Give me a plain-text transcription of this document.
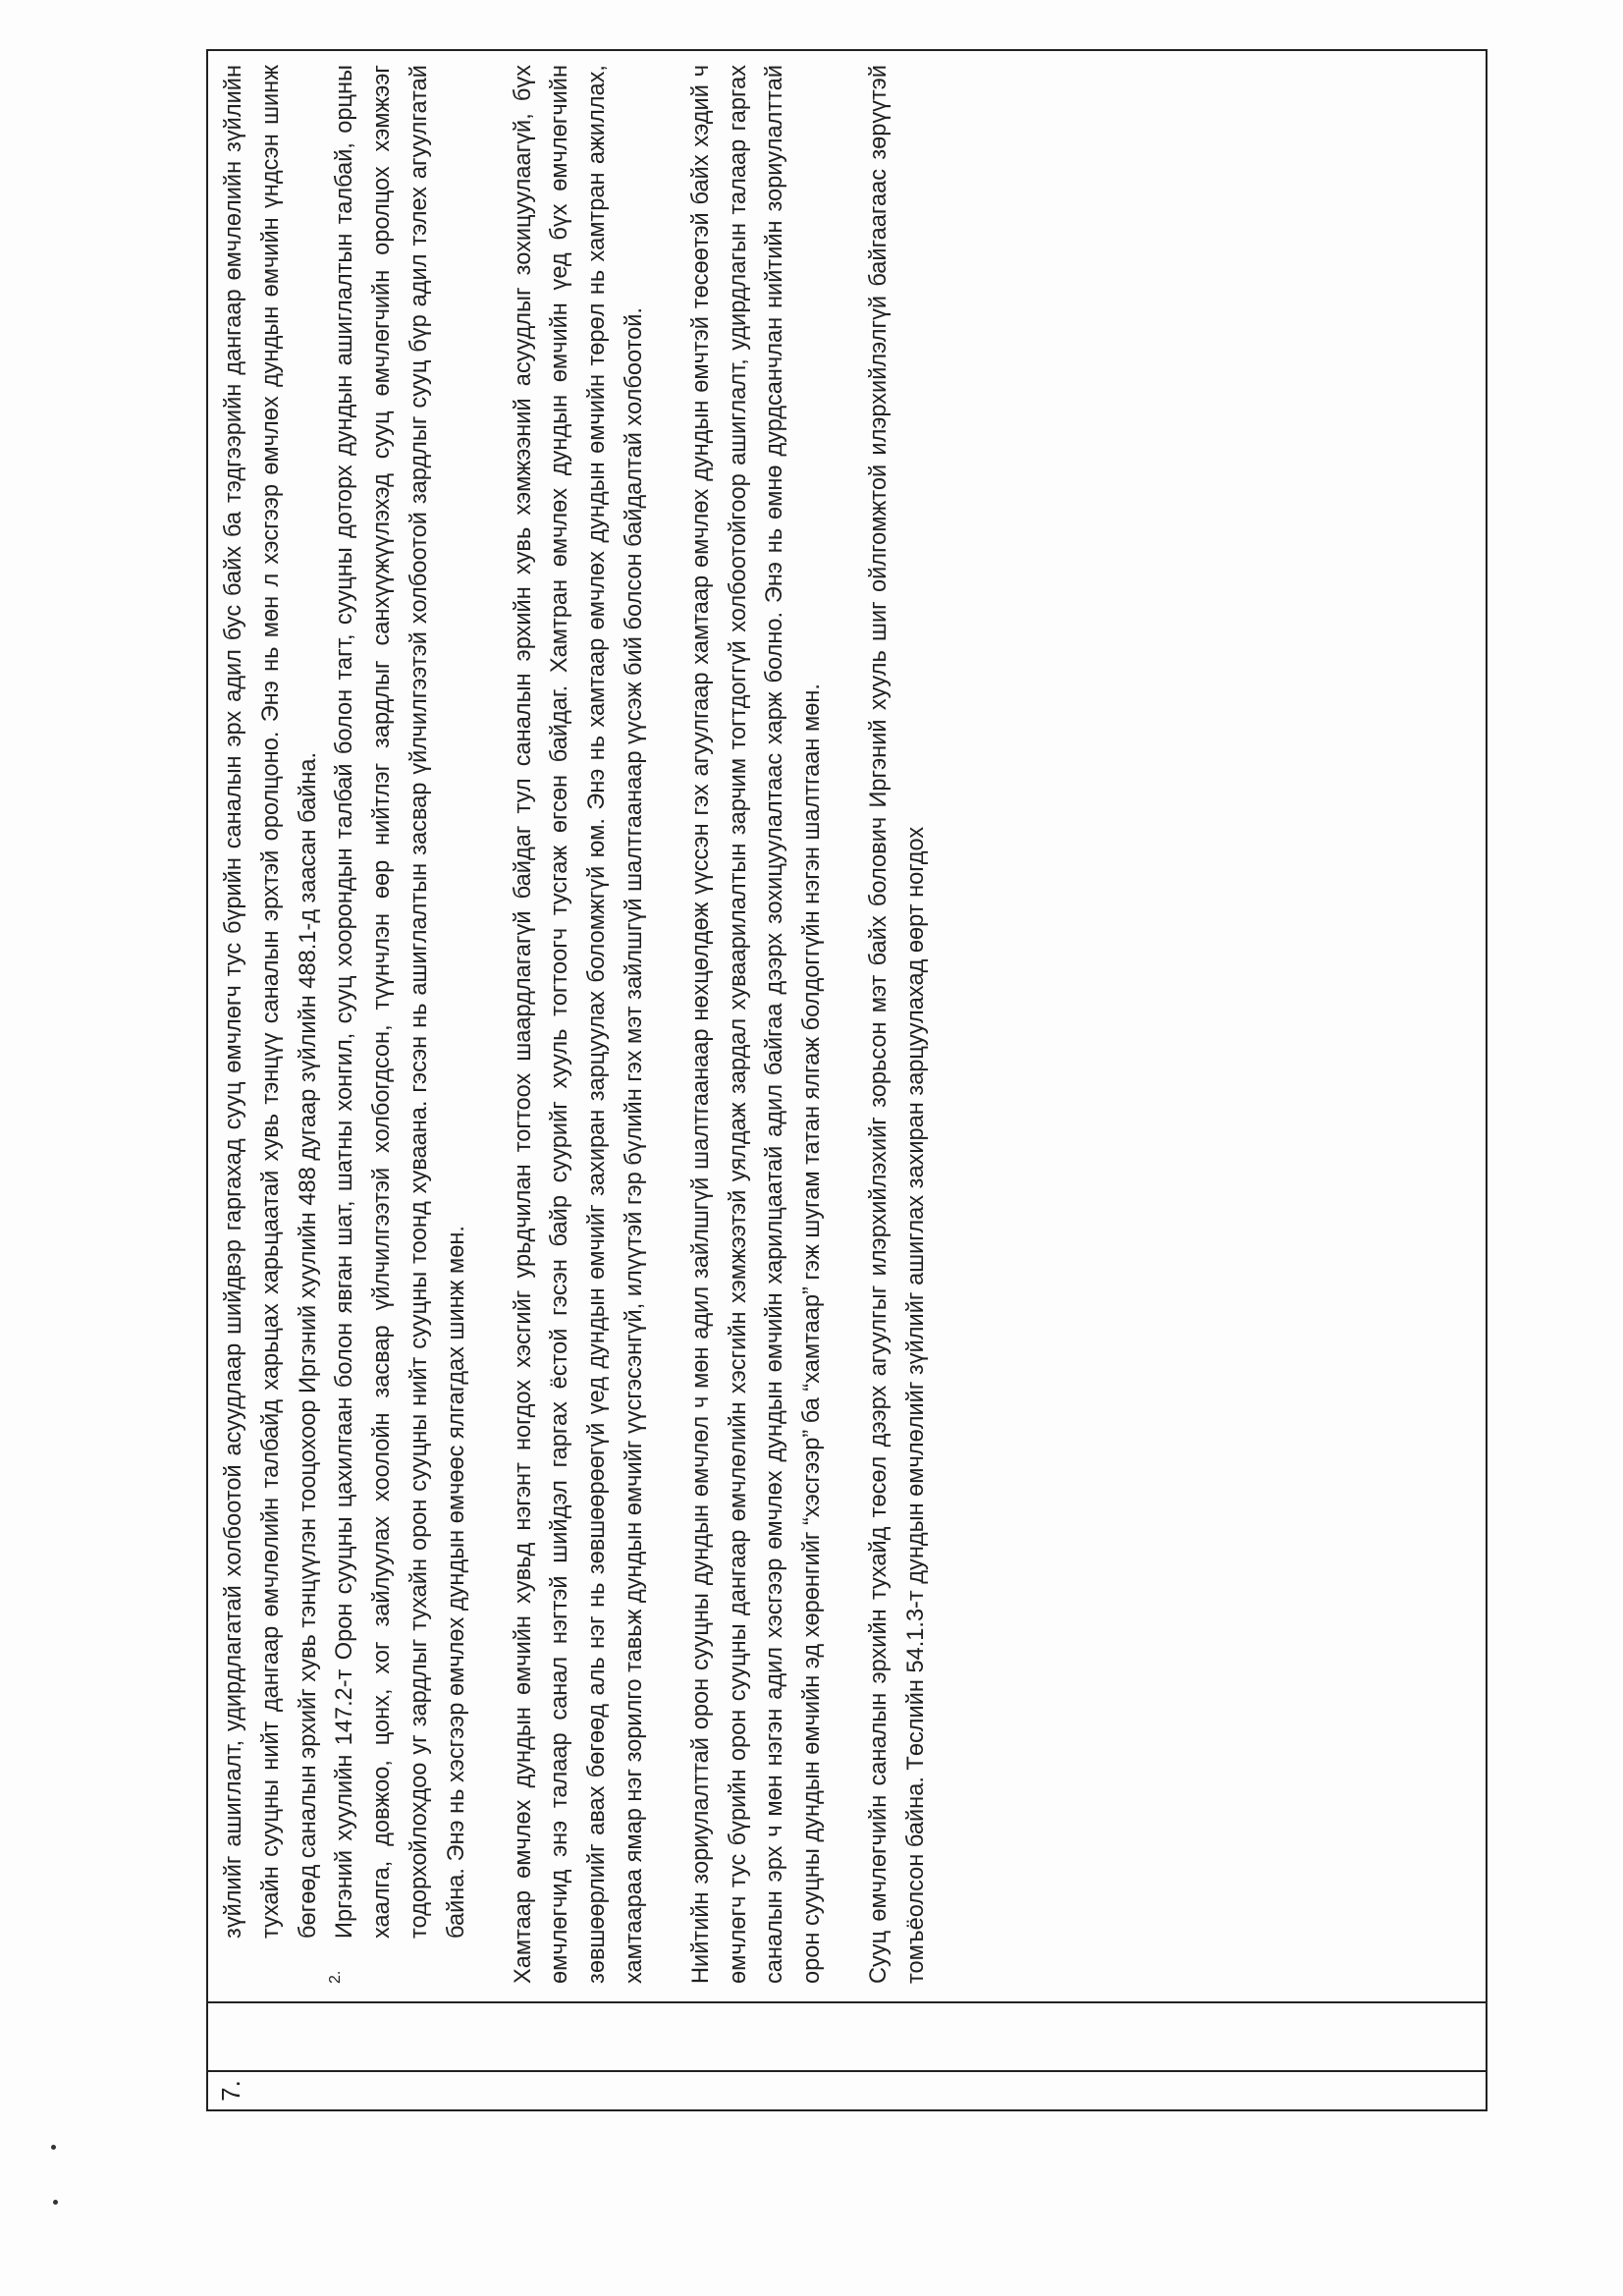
7.		

зүйлийг ашиглалт, удирдлагатай холбоотой асуудлаар шийдвэр гаргахад сууц өмчлөгч тус бүрийн саналын эрх адил бус байх ба тэдгээрийн дангаар өмчлөлийн зүйлийн тухайн сууцны нийт дангаар өмчлөлийн талбайд харьцах харьцаатай хувь тэнцүү саналын эрхтэй оролцоно. Энэ нь мөн л хэсгээр өмчлөх дундын өмчийн үндсэн шинж бөгөөд саналын эрхийг хувь тэнцүүлэн тооцохоор Иргэний хуулийн 488 дугаар зүйлийн 488.1-д заасан байна.

2.

Иргэний хуулийн 147.2-т Орон сууцны цахилгаан болон явган шат, шатны хонгил, сууц хоорондын талбай болон тагт, сууцны доторх дундын ашиглалтын талбай, орцны хаалга, довжоо, цонх, хог зайлуулах хоолойн засвар үйлчилгээтэй холбогдсон, түүнчлэн өөр нийтлэг зардлыг санхүүжүүлэхэд сууц өмчлөгчийн оролцох хэмжээг тодорхойлохдоо уг зардлыг тухайн орон сууцны нийт сууцны тоонд хуваана. гэсэн нь ашиглалтын засвар үйлчилгээтэй холбоотой зардлыг сууц бүр адил тэлех агуулгатай байна. Энэ нь хэсгээр өмчлөх дундын өмчөөс ялгагдах шинж мөн. Хамтаар өмчлөх дундын өмчийн хувьд нэгэнт ногдох хэсгийг урьдчилан тогтоох шаардлагагүй байдаг тул саналын эрхийн хувь хэмжээний асуудлыг зохицуулаагүй, бүх өмчлөгчид энэ талаар санал нэгтэй шийдэл гаргах ёстой гэсэн байр суурийг хууль тогтоогч тусгаж өгсөн байдаг. Хамтран өмчлөх дундын өмчийн үед бүх өмчлөгчийн зөвшөөрлийг авах бөгөөд аль нэг нь зөвшөөрөөгүй үед дундын өмчийг захиран зарцуулах боломжгүй юм. Энэ нь хамтаар өмчлөх дундын өмчийн төрөл нь хамтран ажиллах, хамтаараа ямар нэг зорилго тавьж дундын өмчийг үүсгэсэнгүй, илүүтэй гэр бүлийн гэх мэт зайлшгүй шалтгаанаар үүсэж бий болсон байдалтай холбоотой. Нийтийн зориулалттай орон сууцны дундын өмчлөл ч мөн адил зайлшгүй шалтгаанаар нөхцөлдөж үүссэн гэх агуулгаар хамтаар өмчлөх дундын өмчтэй төсөөтэй байх хэдий ч өмчлөгч тус бүрийн орон сууцны дангаар өмчлөлийн хэсгийн хэмжээтэй уялдаж зардал хуваарилалтын зарчим тогтдоггүй холбоотойгоор ашиглалт, удирдлагын талаар гаргах саналын эрх ч мөн нэгэн адил хэсгээр өмчлөх дундын өмчийн харилцаатай адил байгаа дээрх зохицуулалтаас харж болно. Энэ нь өмнө дурдсанчлан нийтийн зориулалттай орон сууцны дундын өмчийн эд хөрөнгийг “хэсгээр” ба “хамтаар” гэж шугам татан ялгаж болдоггүйн нэгэн шалтгаан мөн. Сууц өмчлөгчийн саналын эрхийн тухайд төсөл дээрх агуулгыг илэрхийлэхийг зорьсон мэт байх болович Иргэний хууль шиг ойлгомжтой илэрхийлэлгүй байгаагаас зөрүүтэй томъёолсон байна. Төслийн 54.1.3-т дундын өмчлөлийг зүйлийг ашиглах захиран зарцуулахад өөрт ногдох
